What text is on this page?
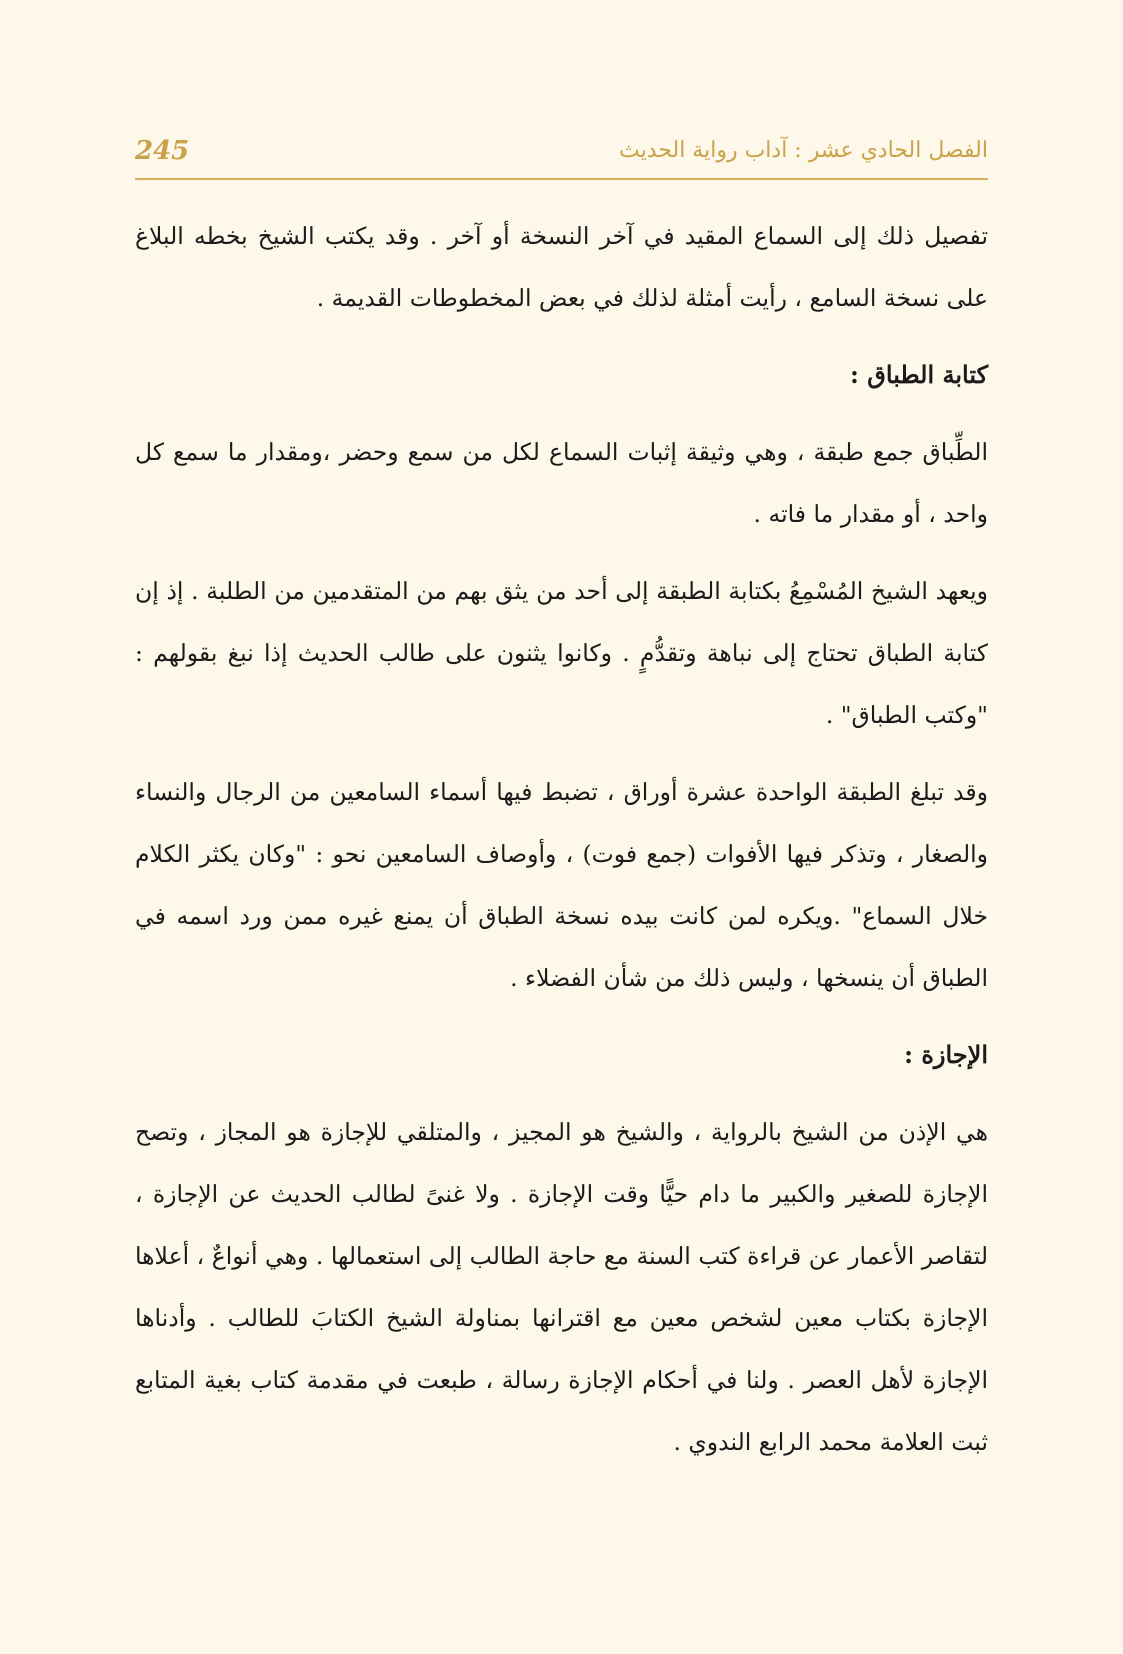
الفصل الحادي عشر : آداب رواية الحديث
245

تفصيل ذلك إلى السماع المقيد في آخر النسخة أو آخر . وقد يكتب الشيخ بخطه البلاغ على نسخة السامع ، رأيت أمثلة لذلك في بعض المخطوطات القديمة .

كتابة الطباق :

الطِّباق جمع طبقة ، وهي وثيقة إثبات السماع لكل من سمع وحضر ،ومقدار ما سمع كل واحد ، أو مقدار ما فاته .

ويعهد الشيخ المُسْمِعُ بكتابة الطبقة إلى أحد من يثق بهم من المتقدمين من الطلبة . إذ إن كتابة الطباق تحتاج إلى نباهة وتقدُّمٍ . وكانوا يثنون على طالب الحديث إذا نبغ بقولهم : "وكتب الطباق" .

وقد تبلغ الطبقة الواحدة عشرة أوراق ، تضبط فيها أسماء السامعين من الرجال والنساء والصغار ، وتذكر فيها الأفوات (جمع فوت) ، وأوصاف السامعين نحو : "وكان يكثر الكلام خلال السماع" .ويكره لمن كانت بيده نسخة الطباق أن يمنع غيره ممن ورد اسمه في الطباق أن ينسخها ، وليس ذلك من شأن الفضلاء .

الإجازة :

هي الإذن من الشيخ بالرواية ، والشيخ هو المجيز ، والمتلقي للإجازة هو المجاز ، وتصح الإجازة للصغير والكبير ما دام حيًّا وقت الإجازة . ولا غنىً لطالب الحديث عن الإجازة ، لتقاصر الأعمار عن قراءة كتب السنة مع حاجة الطالب إلى استعمالها . وهي أنواعٌ ، أعلاها الإجازة بكتاب معين لشخص معين مع اقترانها بمناولة الشيخ الكتابَ للطالب . وأدناها الإجازة لأهل العصر . ولنا في أحكام الإجازة رسالة ، طبعت في مقدمة كتاب بغية المتابع ثبت العلامة محمد الرابع الندوي .
